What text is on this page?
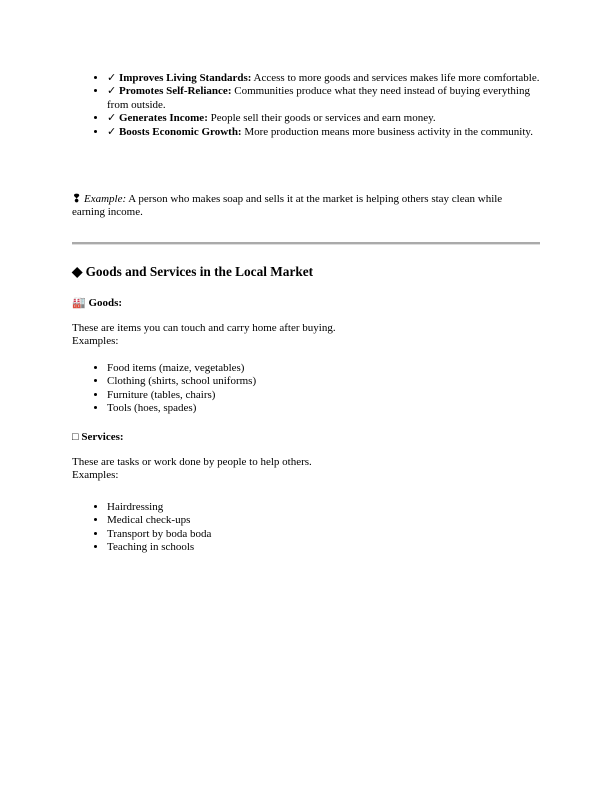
• ✓ Improves Living Standards: Access to more goods and services makes life more comfortable.
• ✓ Promotes Self-Reliance: Communities produce what they need instead of buying everything from outside.
• ✓ Generates Income: People sell their goods or services and earn money.
• ✓ Boosts Economic Growth: More production means more business activity in the community.

❢ Example: A person who makes soap and sells it at the market is helping others stay clean while earning income.

◆ Goods and Services in the Local Market
🏭 Goods:

These are items you can touch and carry home after buying.
Examples:

• Food items (maize, vegetables)
• Clothing (shirts, school uniforms)
• Furniture (tables, chairs)
• Tools (hoes, spades)
□ Services:

These are tasks or work done by people to help others.
Examples:

• Hairdressing
• Medical check-ups
• Transport by boda boda
• Teaching in schools
